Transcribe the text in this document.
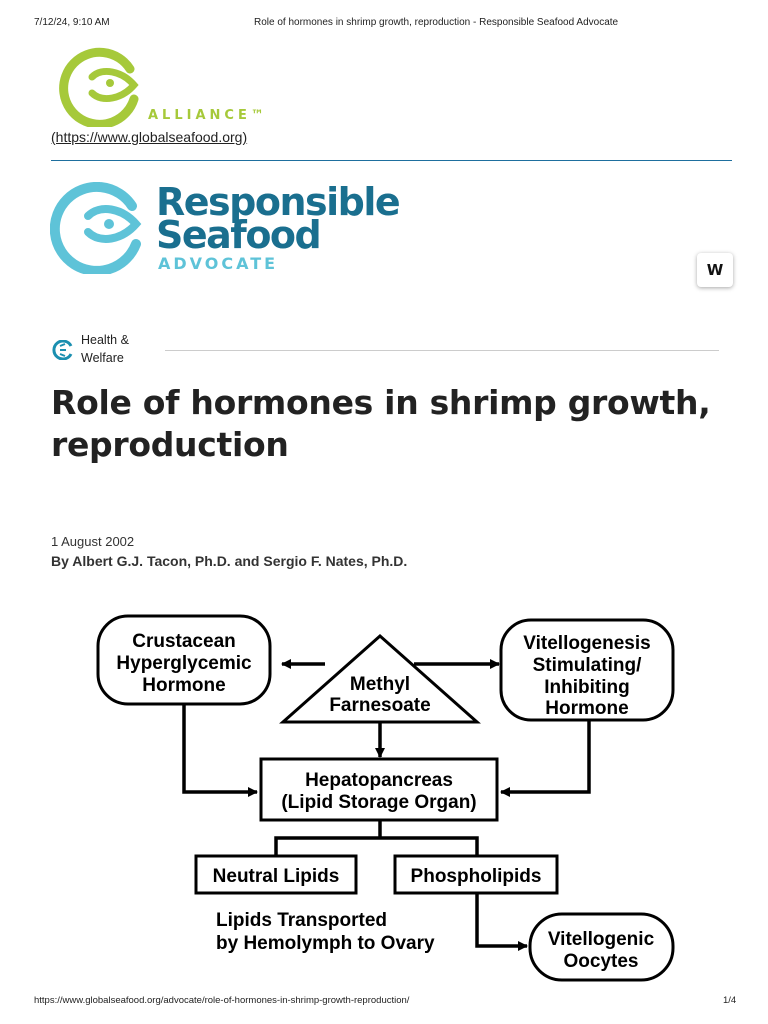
7/12/24, 9:10 AM	Role of hormones in shrimp growth, reproduction - Responsible Seafood Advocate
ALLIANCE™
(https://www.globalseafood.org)
Responsible
Seafood
ADVOCATE	W
Health &
Welfare
Role of hormones in shrimp growth,
reproduction
1 August 2002
By Albert G.J. Tacon, Ph.D. and Sergio F. Nates, Ph.D.
Crustacean
Hyperglycemic
Hormone	Methyl
Farnesoate
Vitellogenesis
Stimulating/
Inhibiting
Hormone
Hepatopancreas
(Lipid Storage Organ)
Neutral Lipids	Phospholipids
Lipids Transported
by Hemolymph to Ovary	Vitellogenic
Oocytes
https://www.globalseafood.org/advocate/role-of-hormones-in-shrimp-growth-reproduction/	1/4
